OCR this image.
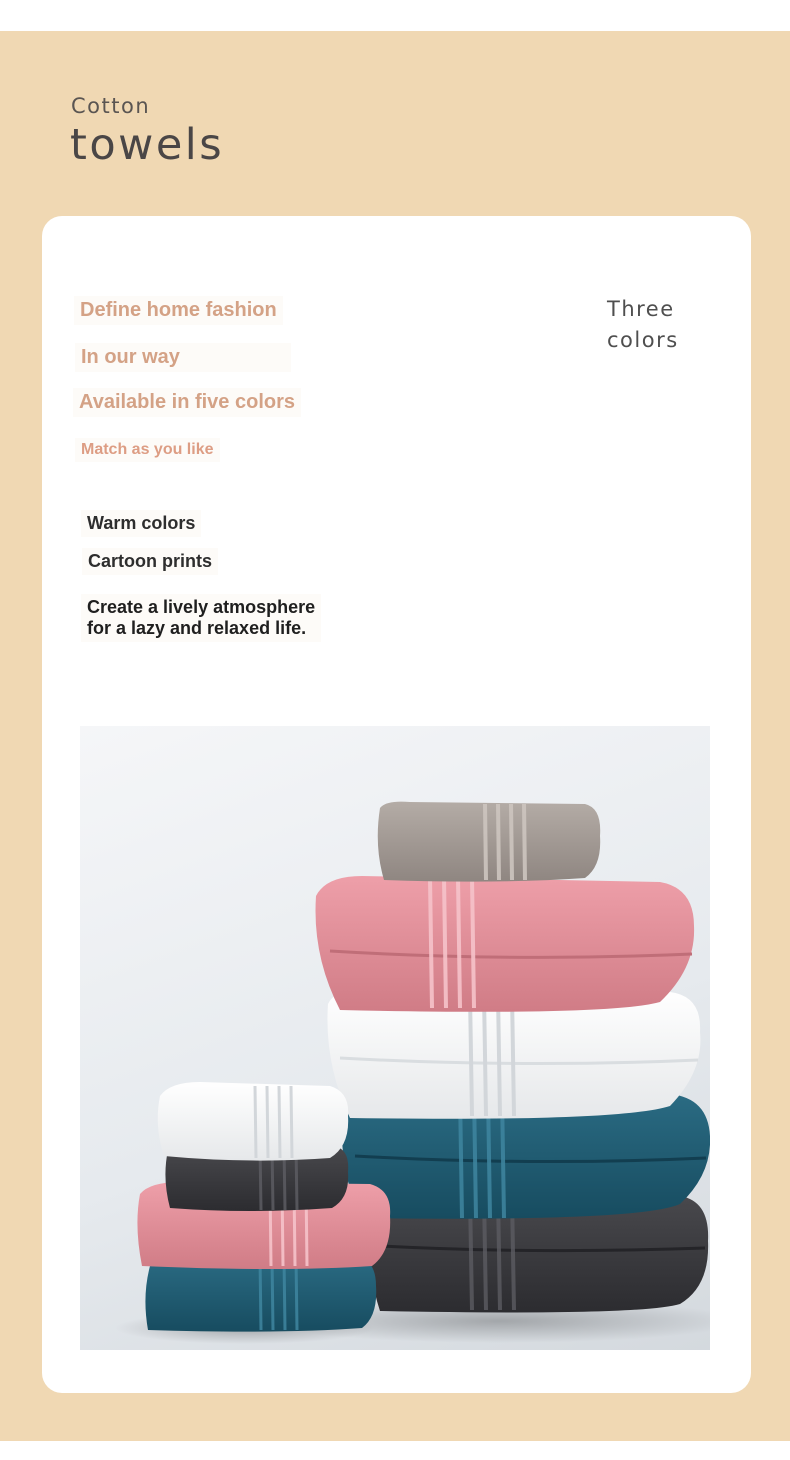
Cotton
towels
Define home fashion
In our way
Available in five colors
Match as you like
Warm colors
Cartoon prints
Create a lively atmosphere
for a lazy and relaxed life.
Three
colors
